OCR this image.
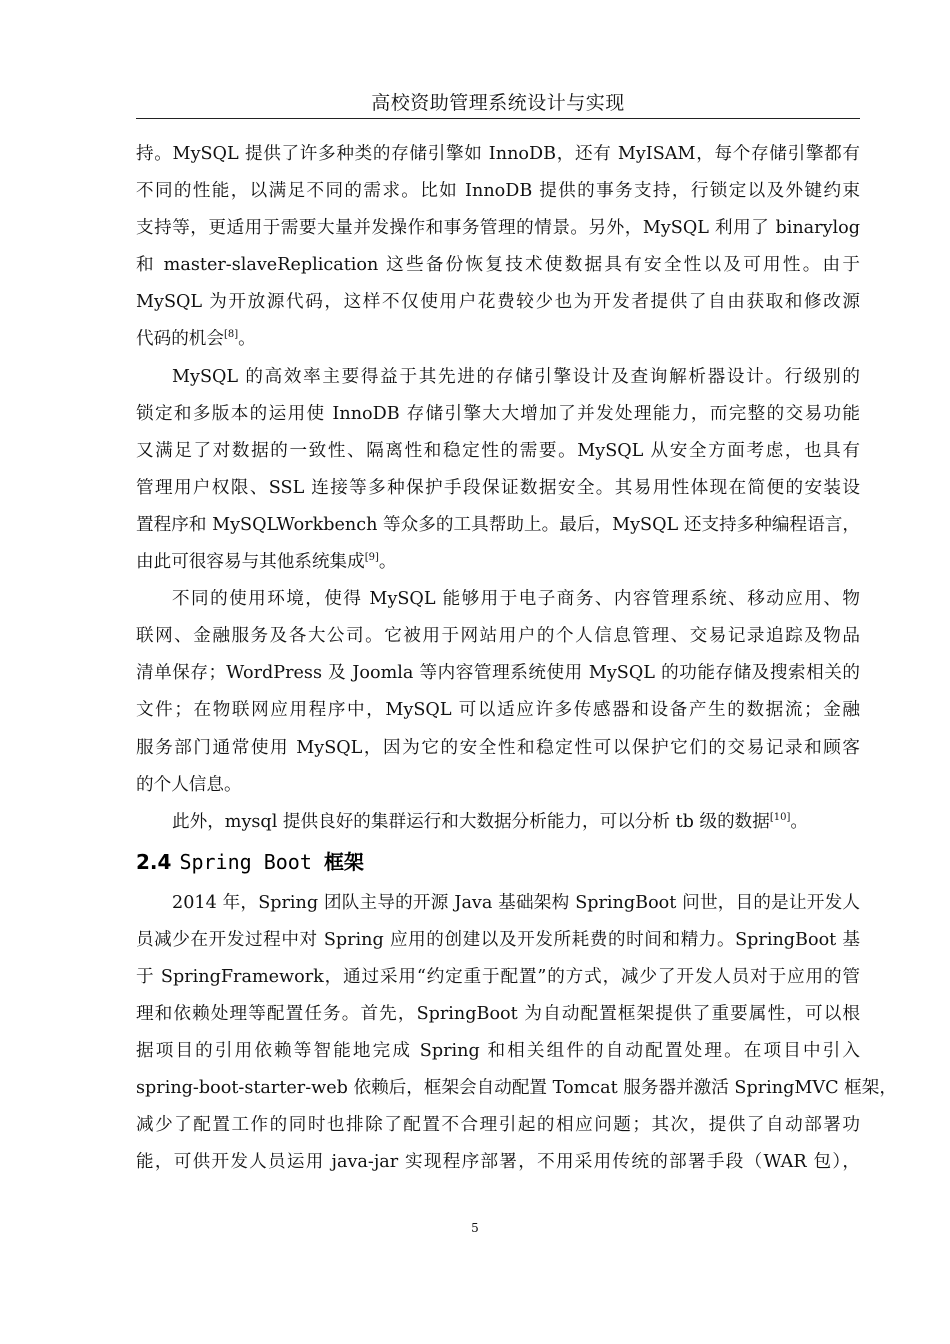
高校资助管理系统设计与实现

持。MySQL 提供了许多种类的存储引擎如 InnoDB，还有 MyISAM，每个存储引擎都有
不同的性能，以满足不同的需求。比如 InnoDB 提供的事务支持，行锁定以及外键约束
支持等，更适用于需要大量并发操作和事务管理的情景。另外，MySQL 利用了 binarylog
和 master-slaveReplication 这些备份恢复技术使数据具有安全性以及可用性。由于
MySQL 为开放源代码，这样不仅使用户花费较少也为开发者提供了自由获取和修改源
代码的机会[8]。

MySQL 的高效率主要得益于其先进的存储引擎设计及查询解析器设计。行级别的
锁定和多版本的运用使 InnoDB 存储引擎大大增加了并发处理能力，而完整的交易功能
又满足了对数据的一致性、隔离性和稳定性的需要。MySQL 从安全方面考虑，也具有
管理用户权限、SSL 连接等多种保护手段保证数据安全。其易用性体现在简便的安装设
置程序和 MySQLWorkbench 等众多的工具帮助上。最后，MySQL 还支持多种编程语言，
由此可很容易与其他系统集成[9]。

不同的使用环境，使得 MySQL 能够用于电子商务、内容管理系统、移动应用、物
联网、金融服务及各大公司。它被用于网站用户的个人信息管理、交易记录追踪及物品
清单保存；WordPress 及 Joomla 等内容管理系统使用 MySQL 的功能存储及搜索相关的
文件；在物联网应用程序中，MySQL 可以适应许多传感器和设备产生的数据流；金融
服务部门通常使用 MySQL，因为它的安全性和稳定性可以保护它们的交易记录和顾客
的个人信息。

此外，mysql 提供良好的集群运行和大数据分析能力，可以分析 tb 级的数据[10]。

2.4 Spring Boot 框架

2014 年，Spring 团队主导的开源 Java 基础架构 SpringBoot 问世，目的是让开发人
员减少在开发过程中对 Spring 应用的创建以及开发所耗费的时间和精力。SpringBoot 基
于 SpringFramework，通过采用“约定重于配置”的方式，减少了开发人员对于应用的管
理和依赖处理等配置任务。首先，SpringBoot 为自动配置框架提供了重要属性，可以根
据项目的引用依赖等智能地完成 Spring 和相关组件的自动配置处理。在项目中引入
spring-boot-starter-web 依赖后，框架会自动配置 Tomcat 服务器并激活 SpringMVC 框架，
减少了配置工作的同时也排除了配置不合理引起的相应问题；其次，提供了自动部署功
能，可供开发人员运用 java-jar 实现程序部署，不用采用传统的部署手段（WAR 包），

5
